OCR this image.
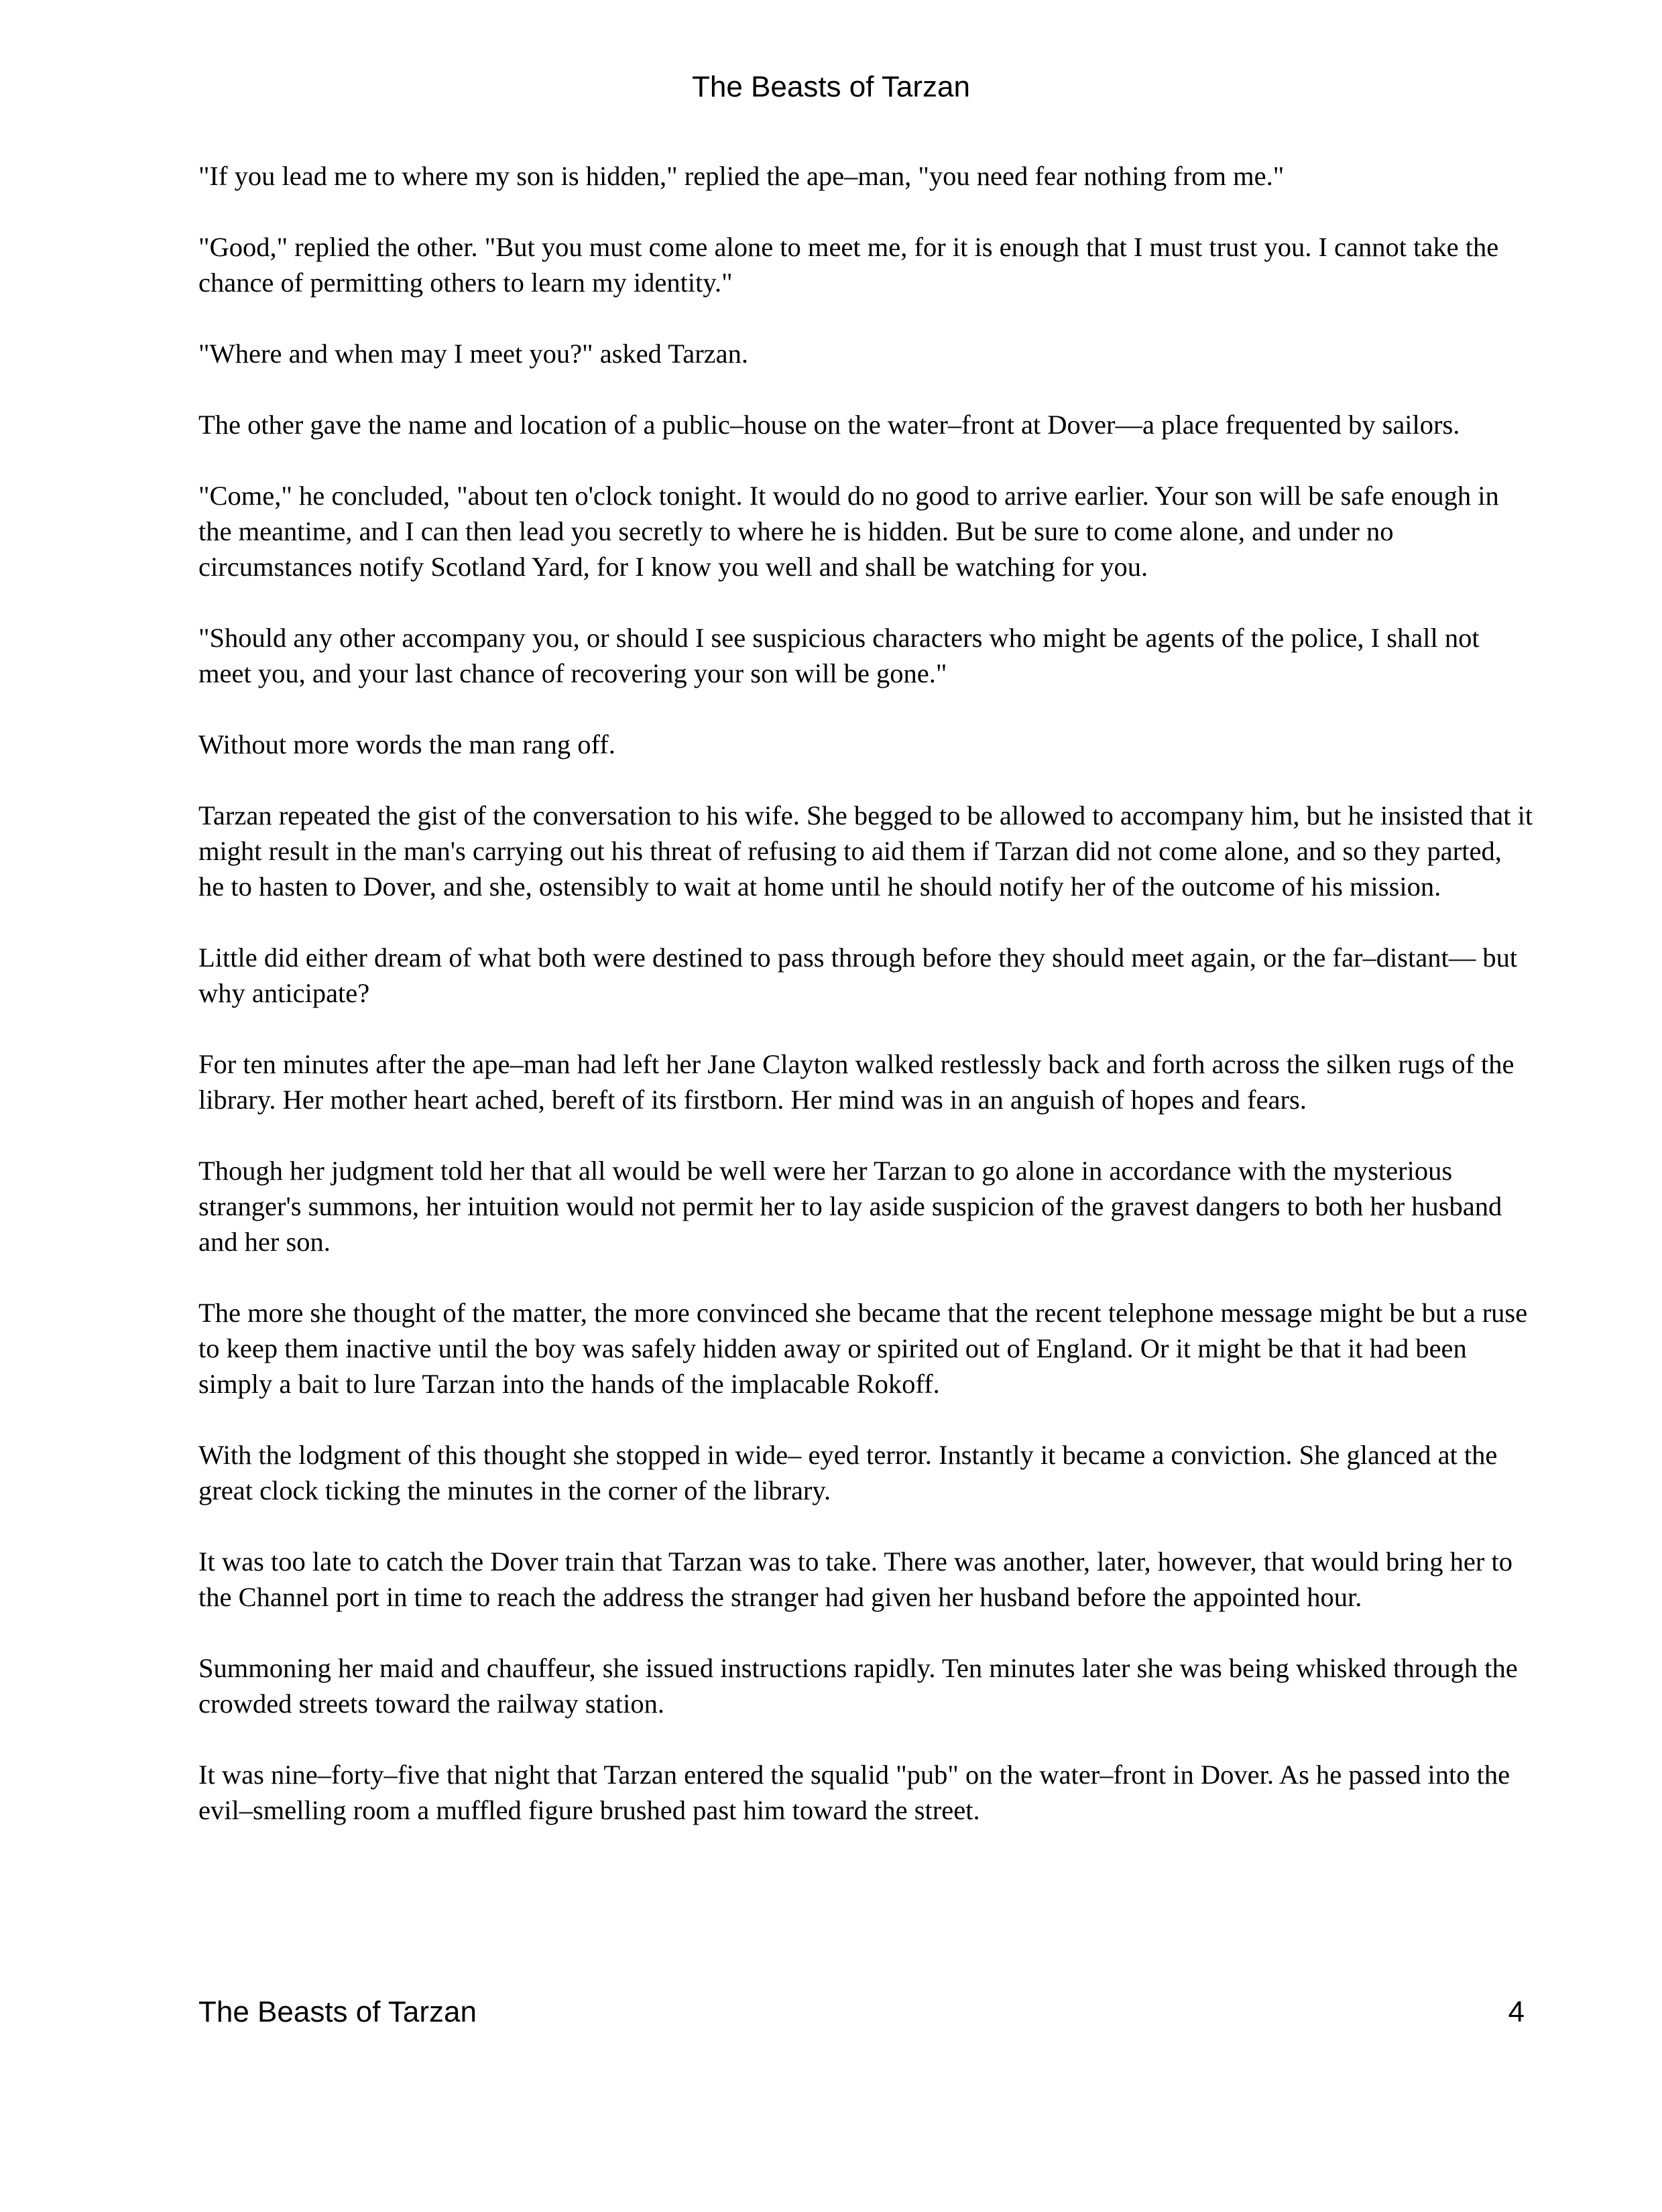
The Beasts of Tarzan

"If you lead me to where my son is hidden," replied the ape–man, "you need fear nothing from me."

"Good," replied the other. "But you must come alone to meet me, for it is enough that I must trust you. I cannot take the chance of permitting others to learn my identity."

"Where and when may I meet you?" asked Tarzan.

The other gave the name and location of a public–house on the water–front at Dover––a place frequented by sailors.

"Come," he concluded, "about ten o'clock tonight. It would do no good to arrive earlier. Your son will be safe enough in the meantime, and I can then lead you secretly to where he is hidden. But be sure to come alone, and under no circumstances notify Scotland Yard, for I know you well and shall be watching for you.

"Should any other accompany you, or should I see suspicious characters who might be agents of the police, I shall not meet you, and your last chance of recovering your son will be gone."

Without more words the man rang off.

Tarzan repeated the gist of the conversation to his wife. She begged to be allowed to accompany him, but he insisted that it might result in the man's carrying out his threat of refusing to aid them if Tarzan did not come alone, and so they parted, he to hasten to Dover, and she, ostensibly to wait at home until he should notify her of the outcome of his mission.

Little did either dream of what both were destined to pass through before they should meet again, or the far–distant–– but why anticipate?

For ten minutes after the ape–man had left her Jane Clayton walked restlessly back and forth across the silken rugs of the library. Her mother heart ached, bereft of its firstborn. Her mind was in an anguish of hopes and fears.

Though her judgment told her that all would be well were her Tarzan to go alone in accordance with the mysterious stranger's summons, her intuition would not permit her to lay aside suspicion of the gravest dangers to both her husband and her son.

The more she thought of the matter, the more convinced she became that the recent telephone message might be but a ruse to keep them inactive until the boy was safely hidden away or spirited out of England. Or it might be that it had been simply a bait to lure Tarzan into the hands of the implacable Rokoff.

With the lodgment of this thought she stopped in wide– eyed terror. Instantly it became a conviction. She glanced at the great clock ticking the minutes in the corner of the library.

It was too late to catch the Dover train that Tarzan was to take. There was another, later, however, that would bring her to the Channel port in time to reach the address the stranger had given her husband before the appointed hour.

Summoning her maid and chauffeur, she issued instructions rapidly. Ten minutes later she was being whisked through the crowded streets toward the railway station.

It was nine–forty–five that night that Tarzan entered the squalid "pub" on the water–front in Dover. As he passed into the evil–smelling room a muffled figure brushed past him toward the street.

The Beasts of Tarzan	4
